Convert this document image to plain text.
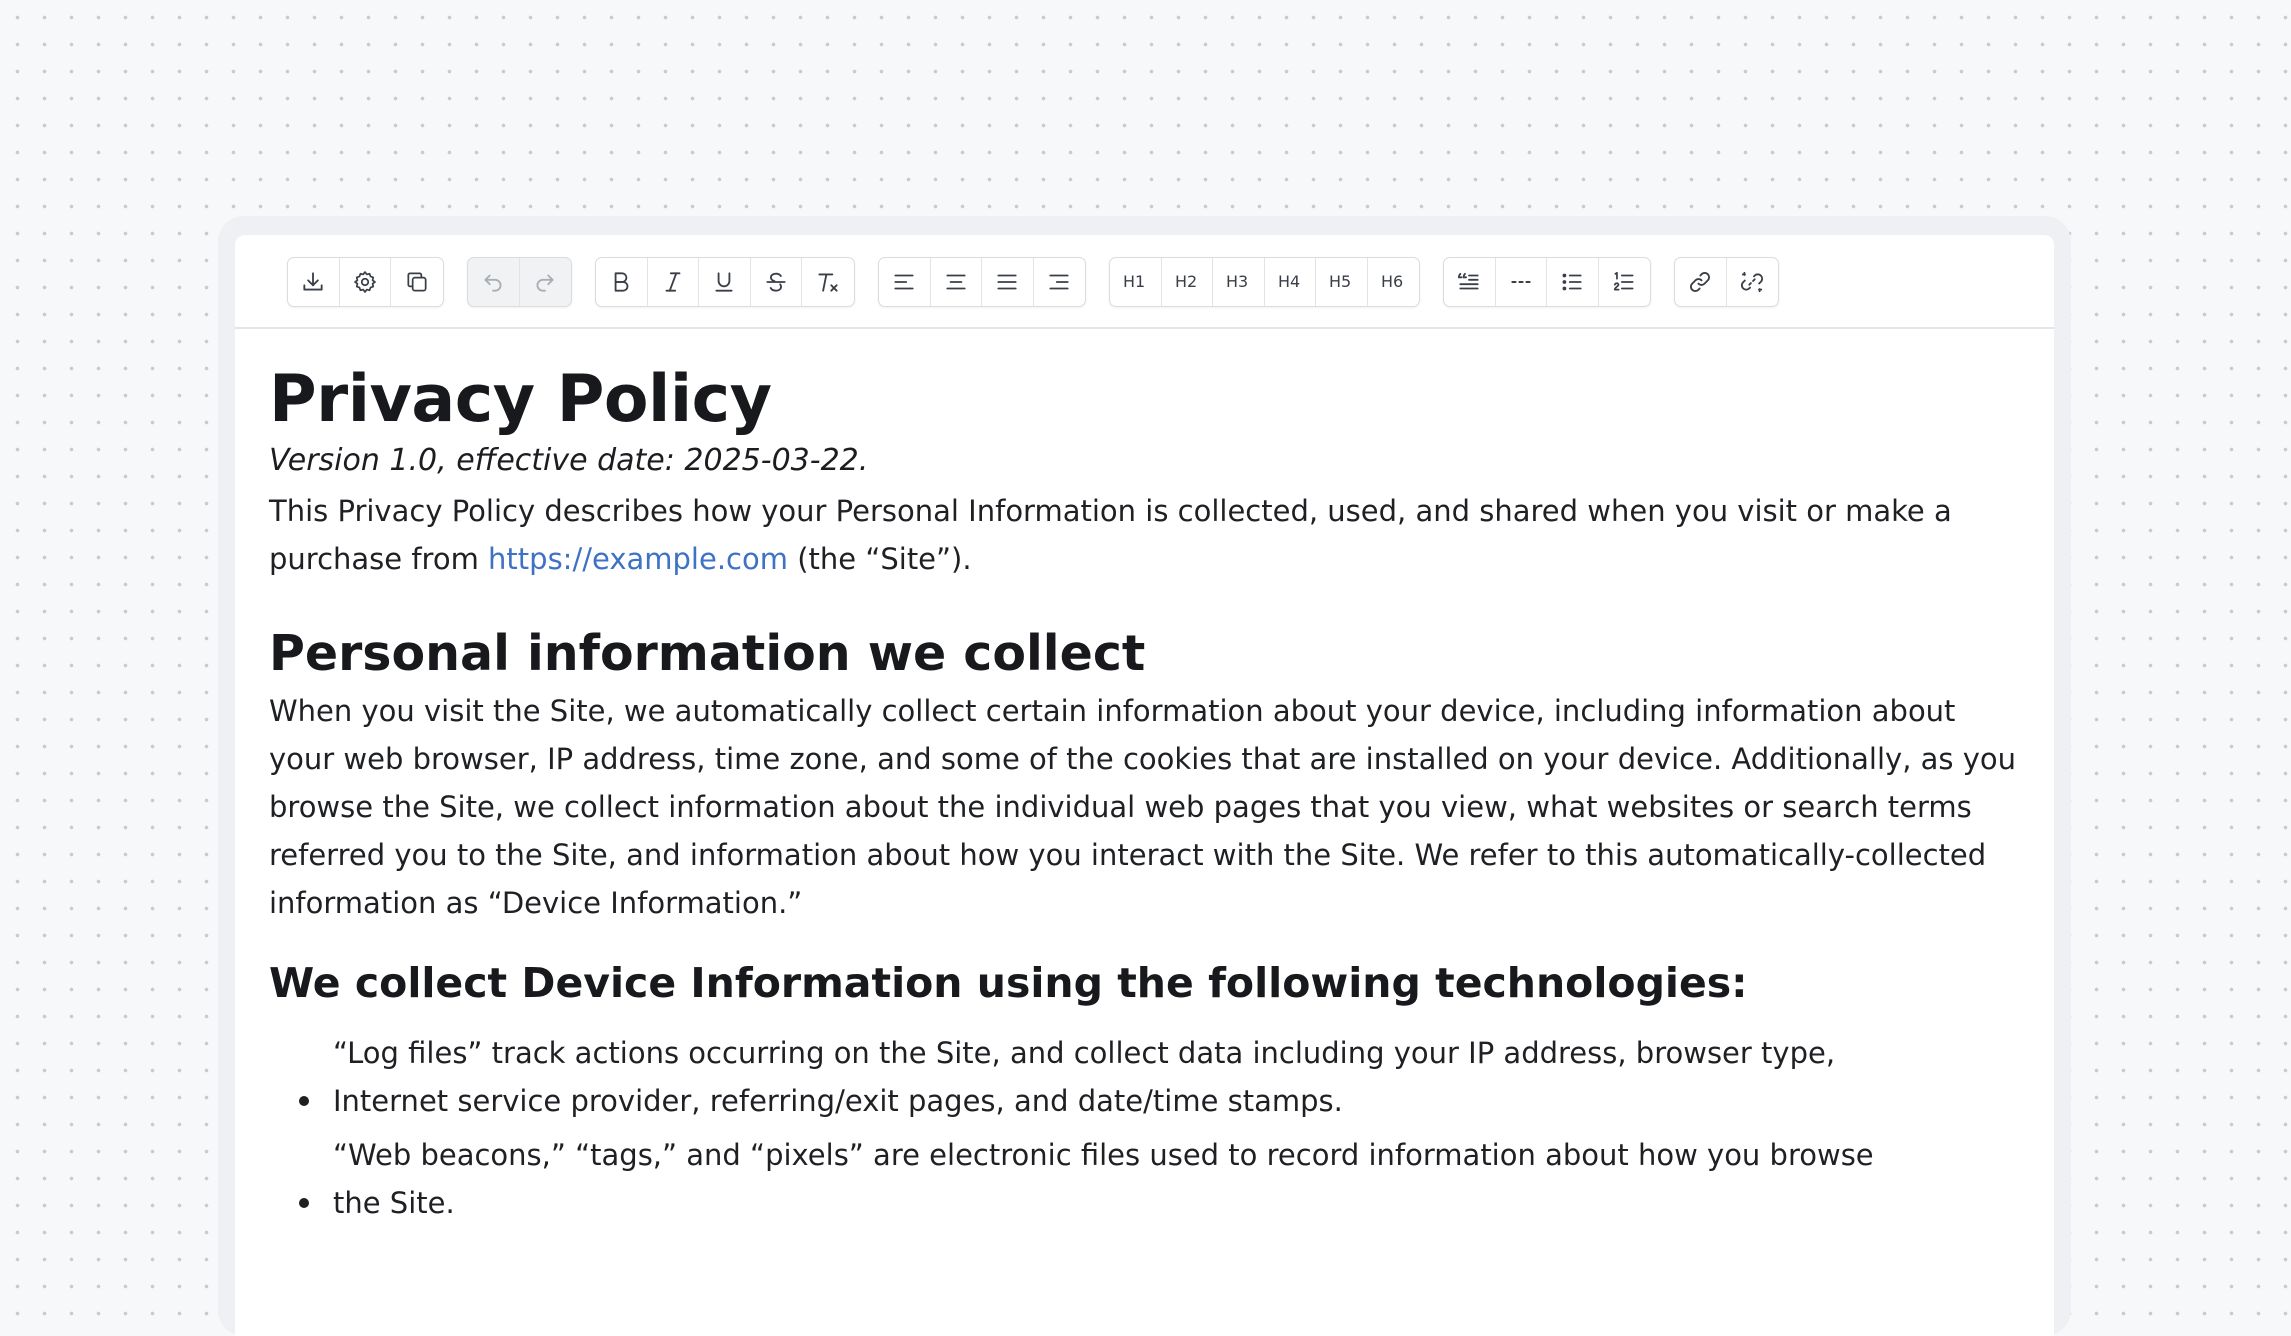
H1 H2 H3 H4 H5 H6
Privacy Policy
Version 1.0, effective date: 2025-03-22.

This Privacy Policy describes how your Personal Information is collected, used, and shared when you visit or make a purchase from https://example.com (the “Site”).

Personal information we collect

When you visit the Site, we automatically collect certain information about your device, including information about your web browser, IP address, time zone, and some of the cookies that are installed on your device. Additionally, as you browse the Site, we collect information about the individual web pages that you view, what websites or search terms referred you to the Site, and information about how you interact with the Site. We refer to this automatically-collected information as “Device Information.”

We collect Device Information using the following technologies:
“Log files” track actions occurring on the Site, and collect data including your IP address, browser type,
Internet service provider, referring/exit pages, and date/time stamps.
“Web beacons,” “tags,” and “pixels” are electronic files used to record information about how you browse
the Site.
